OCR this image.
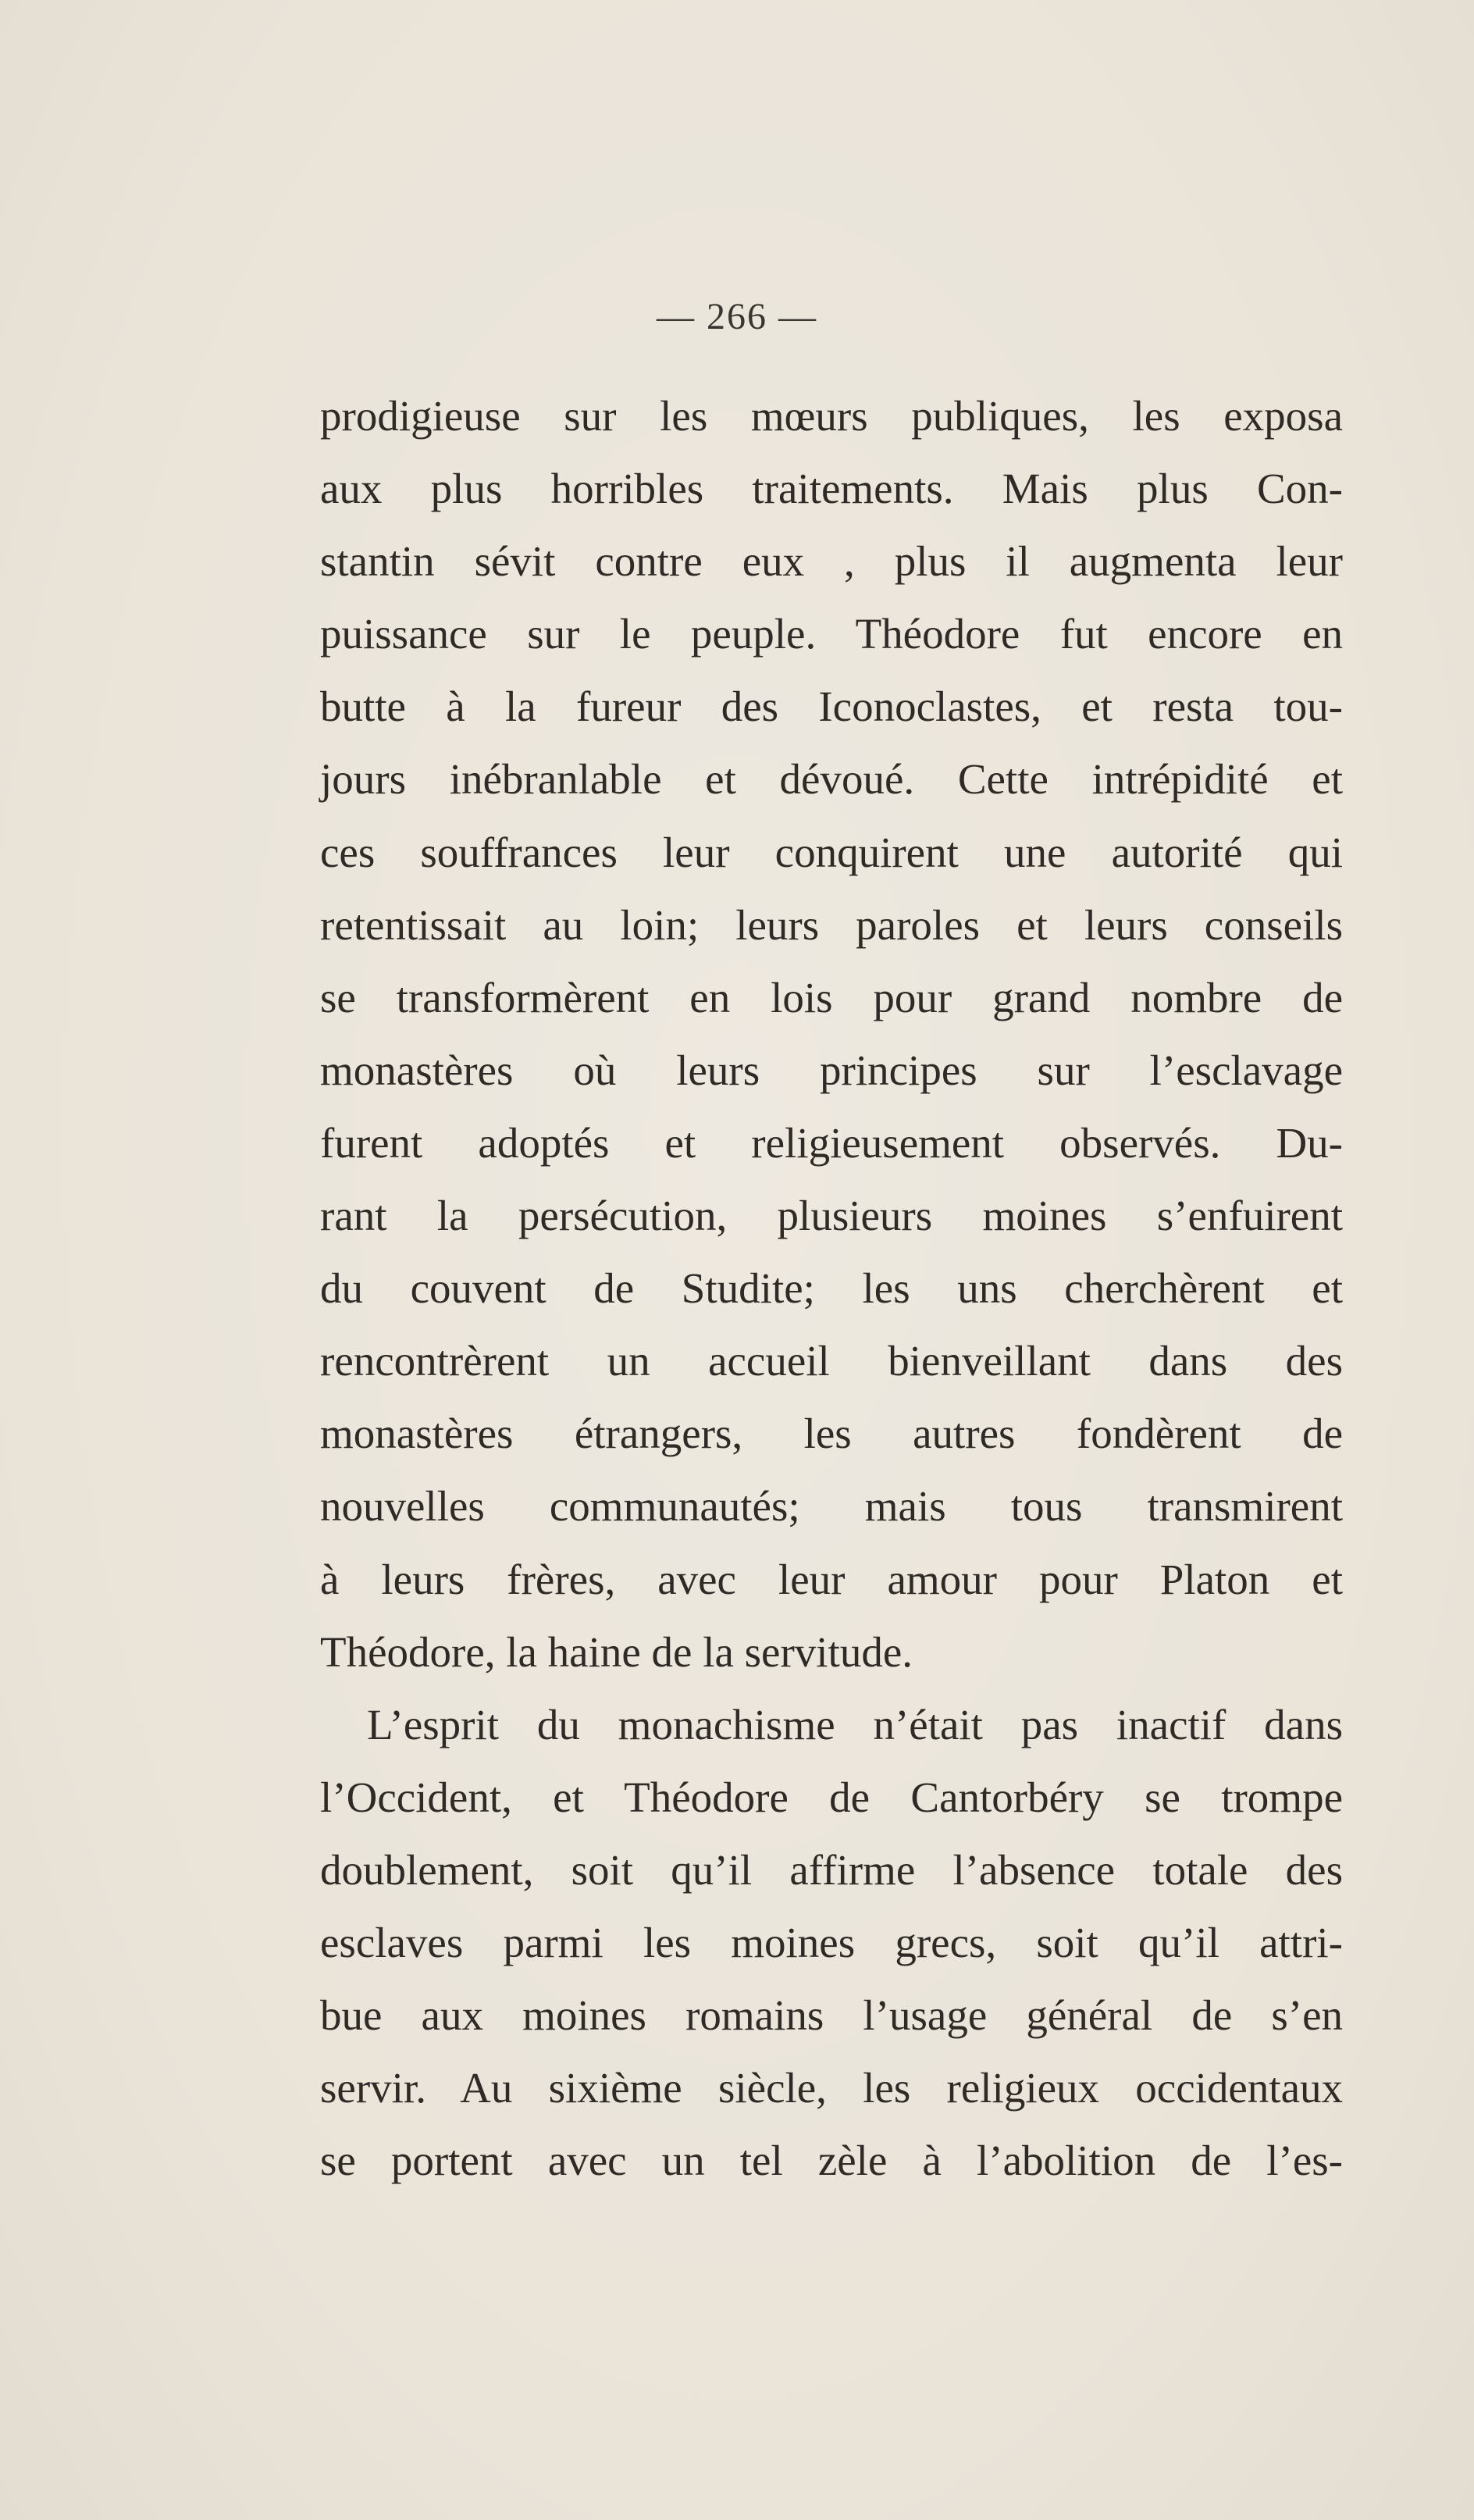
— 266 —
prodigieuse sur les mœurs publiques, les exposa
aux plus horribles traitements. Mais plus Con-
stantin sévit contre eux , plus il augmenta leur
puissance sur le peuple. Théodore fut encore en
butte à la fureur des Iconoclastes, et resta tou-
jours inébranlable et dévoué. Cette intrépidité et
ces souffrances leur conquirent une autorité qui
retentissait au loin; leurs paroles et leurs conseils
se transformèrent en lois pour grand nombre de
monastères où leurs principes sur l’esclavage
furent adoptés et religieusement observés. Du-
rant la persécution, plusieurs moines s’enfuirent
du couvent de Studite; les uns cherchèrent et
rencontrèrent un accueil bienveillant dans des
monastères étrangers, les autres fondèrent de
nouvelles communautés; mais tous transmirent
à leurs frères, avec leur amour pour Platon et
Théodore, la haine de la servitude.
L’esprit du monachisme n’était pas inactif dans
l’Occident, et Théodore de Cantorbéry se trompe
doublement, soit qu’il affirme l’absence totale des
esclaves parmi les moines grecs, soit qu’il attri-
bue aux moines romains l’usage général de s’en
servir. Au sixième siècle, les religieux occidentaux
se portent avec un tel zèle à l’abolition de l’es-
